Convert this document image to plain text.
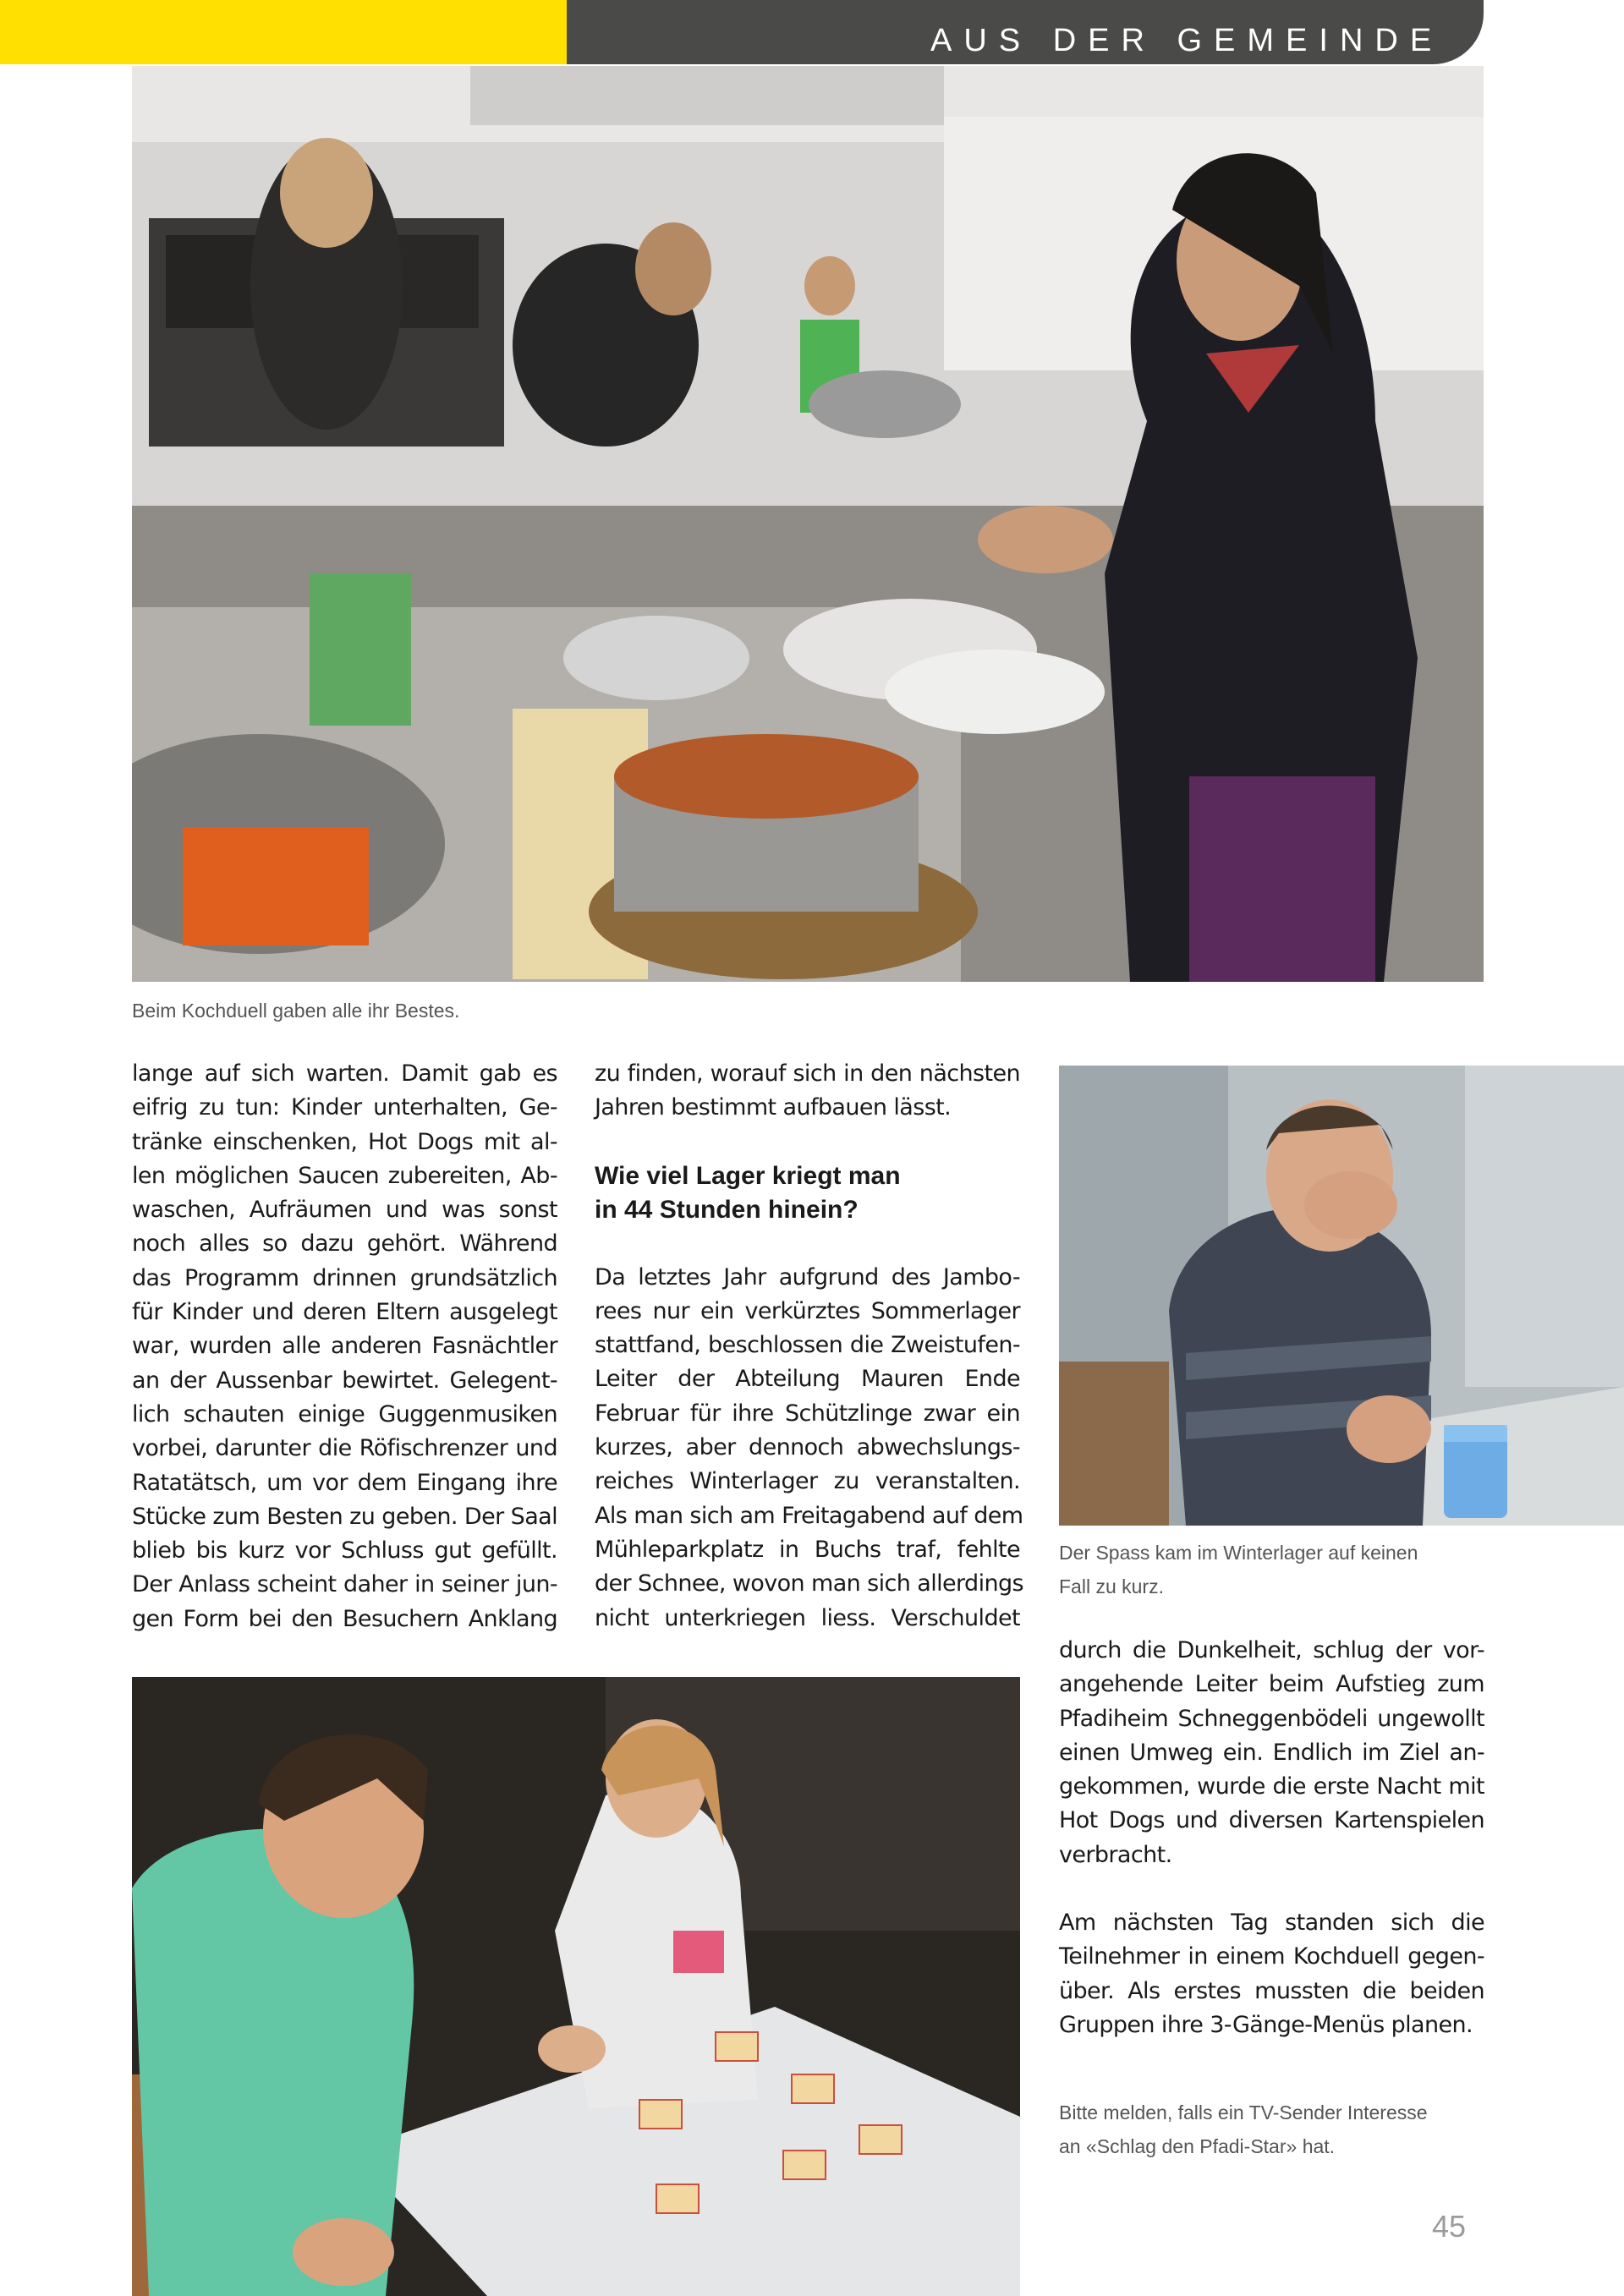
AUS DER GEMEINDE
Beim Kochduell gaben alle ihr Bestes.
lange auf sich warten. Damit gab es
eifrig zu tun: Kinder unterhalten, Ge-
tränke einschenken, Hot Dogs mit al-
len möglichen Saucen zubereiten, Ab-
waschen, Aufräumen und was sonst
noch alles so dazu gehört. Während
das Programm drinnen grundsätzlich
für Kinder und deren Eltern ausgelegt
war, wurden alle anderen Fasnächtler
an der Aussenbar bewirtet. Gelegent-
lich schauten einige Guggenmusiken
vorbei, darunter die Röfischrenzer und
Ratatätsch, um vor dem Eingang ihre
Stücke zum Besten zu geben. Der Saal
blieb bis kurz vor Schluss gut gefüllt.
Der Anlass scheint daher in seiner jun-
gen Form bei den Besuchern Anklang
zu finden, worauf sich in den nächsten
Jahren bestimmt aufbauen lässt.
Wie viel Lager kriegt man
in 44 Stunden hinein?
Da letztes Jahr aufgrund des Jambo-
rees nur ein verkürztes Sommerlager
stattfand, beschlossen die Zweistufen-
Leiter der Abteilung Mauren Ende
Februar für ihre Schützlinge zwar ein
kurzes, aber dennoch abwechslungs-
reiches Winterlager zu veranstalten.
Als man sich am Freitagabend auf dem
Mühleparkplatz in Buchs traf, fehlte
der Schnee, wovon man sich allerdings
nicht unterkriegen liess. Verschuldet
Der Spass kam im Winterlager auf keinen
Fall zu kurz.
durch die Dunkelheit, schlug der vor-
angehende Leiter beim Aufstieg zum
Pfadiheim Schneggenbödeli ungewollt
einen Umweg ein. Endlich im Ziel an-
gekommen, wurde die erste Nacht mit
Hot Dogs und diversen Kartenspielen
verbracht.
Am nächsten Tag standen sich die
Teilnehmer in einem Kochduell gegen-
über. Als erstes mussten die beiden
Gruppen ihre 3-Gänge-Menüs planen.
Bitte melden, falls ein TV-Sender Interesse
an «Schlag den Pfadi-Star» hat.
45
